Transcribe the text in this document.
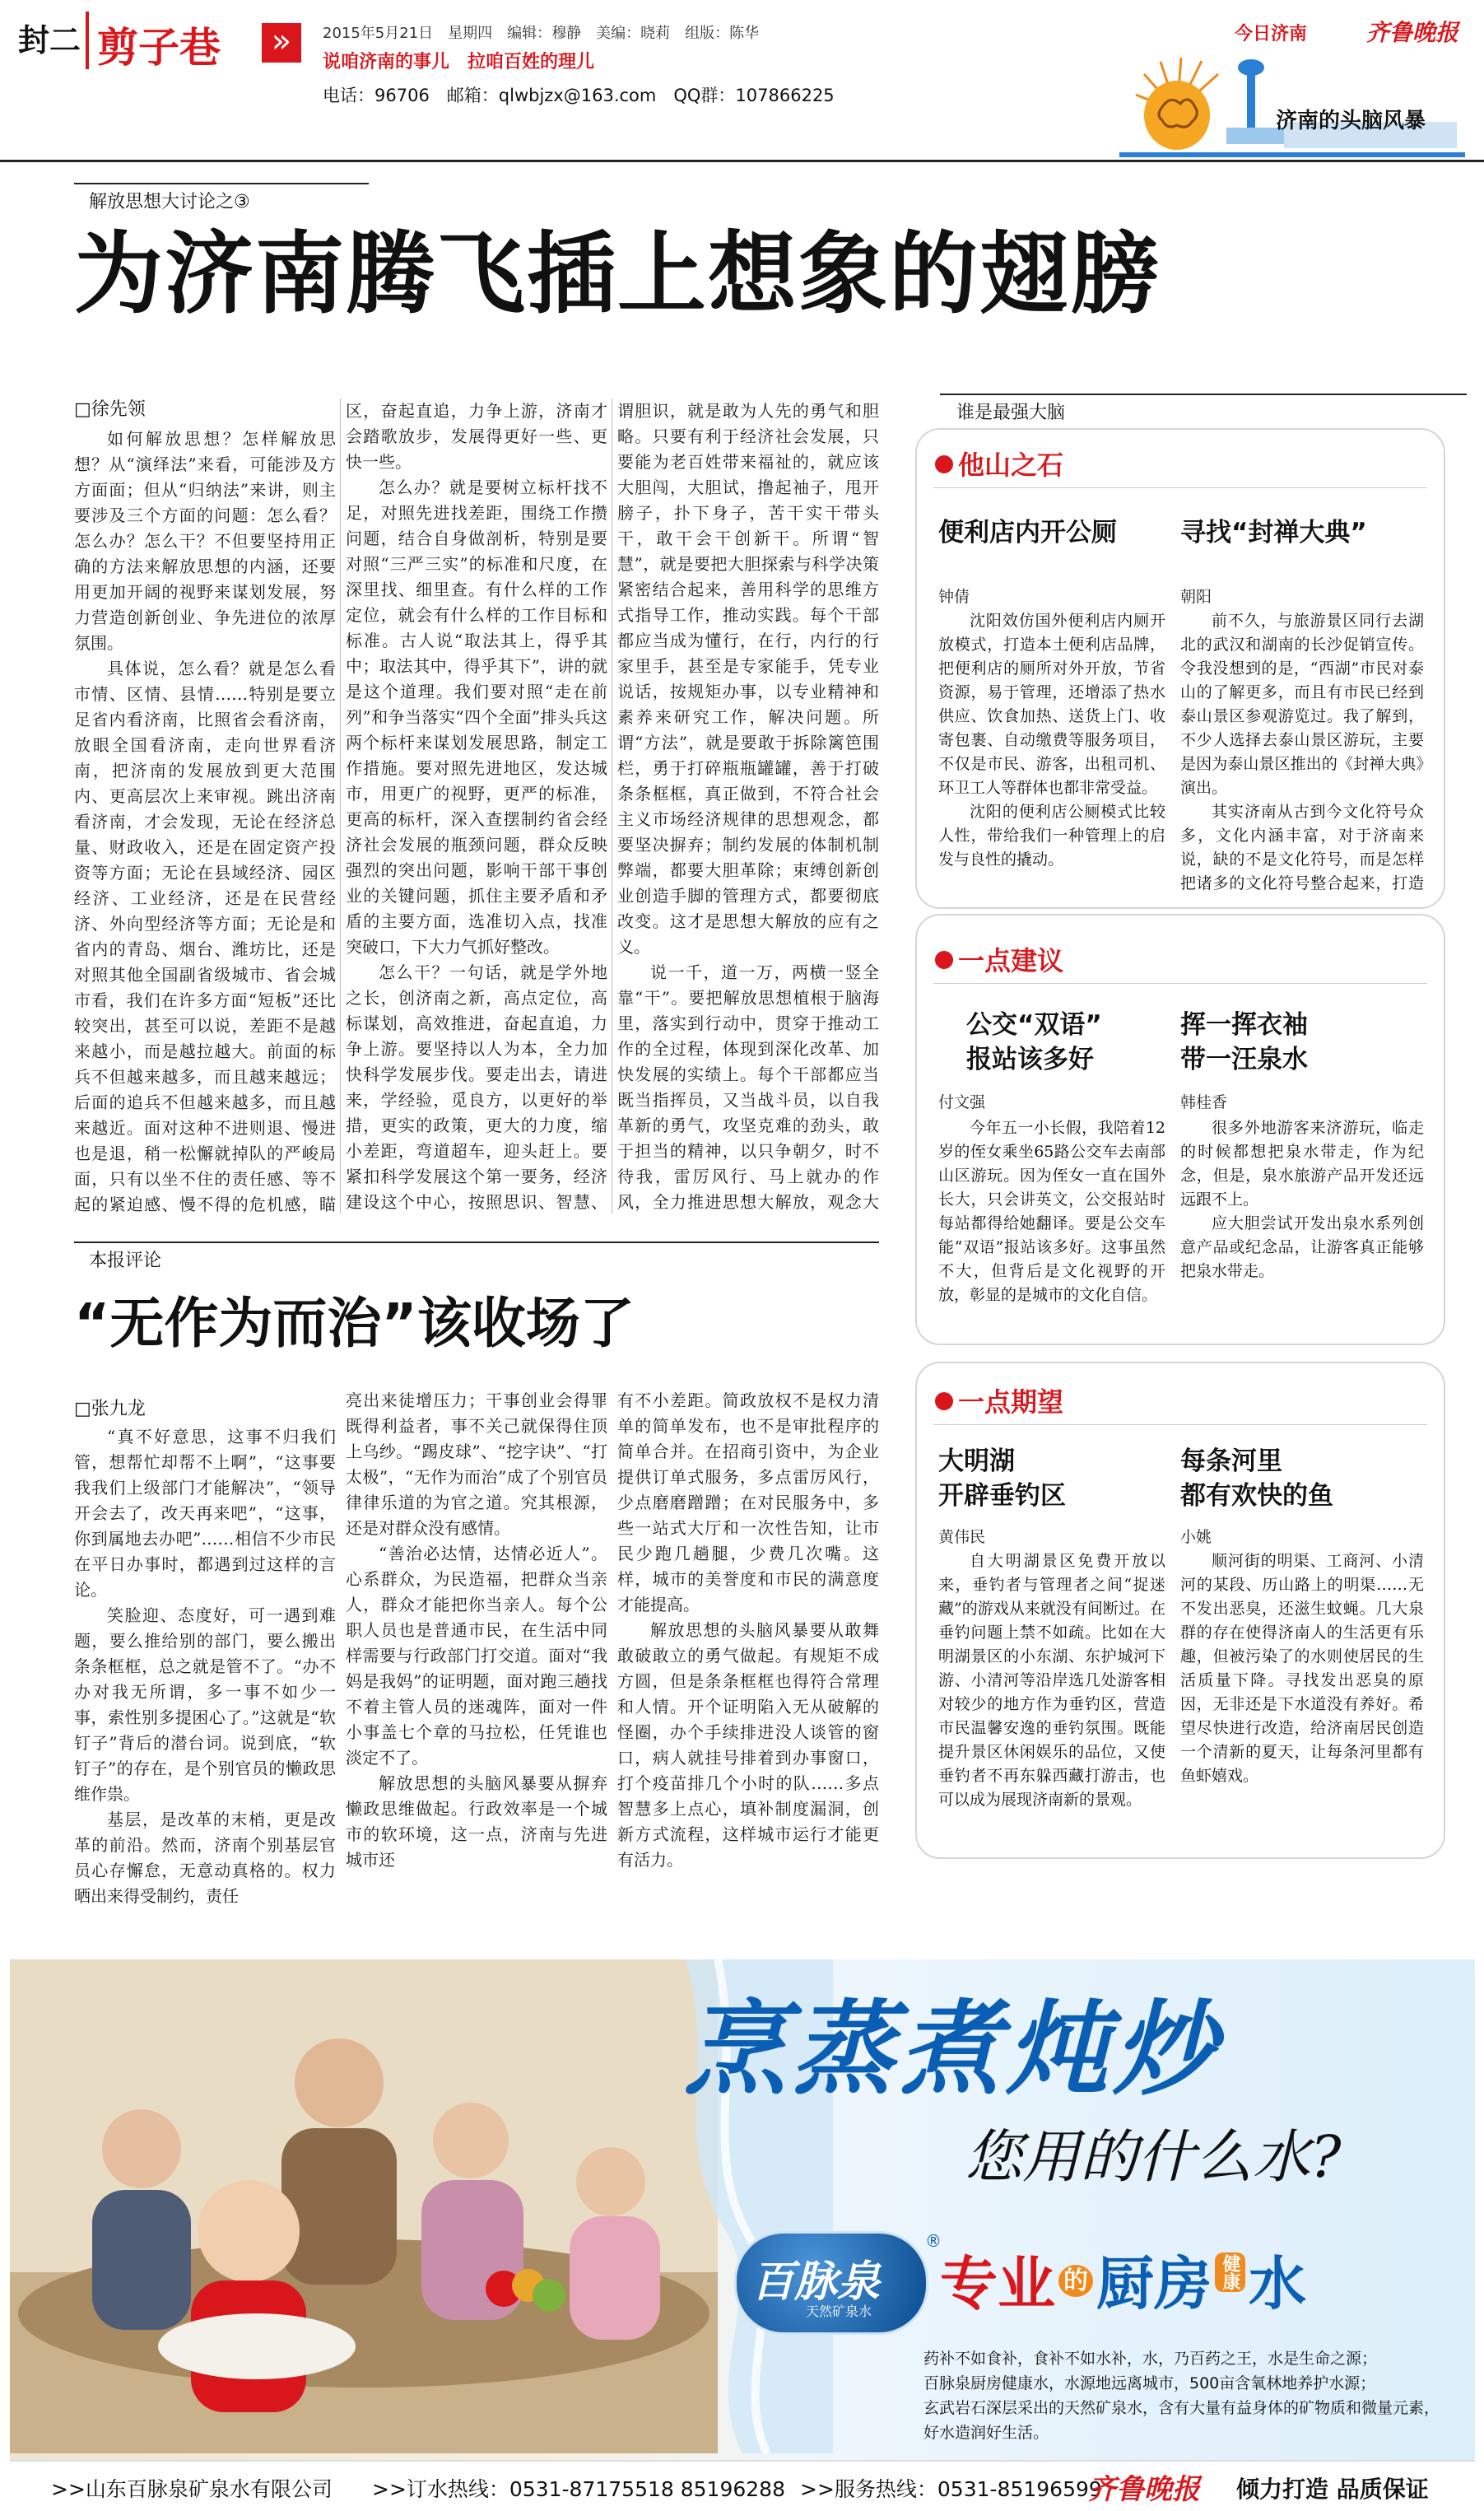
封二 剪子巷 »	2015年5月21日　星期四　编辑：穆静　美编：晓莉　组版：陈华
说咱济南的事儿　拉咱百姓的理儿
电话：96706　邮箱：qlwbjzx@163.com　QQ群：107866225
今日济南	齐鲁晚报
济南的头脑风暴
解放思想大讨论之③
为济南腾飞插上想象的翅膀
□徐先领

如何解放思想？怎样解放思想？从“演绎法”来看，可能涉及方方面面；但从“归纳法”来讲，则主要涉及三个方面的问题：怎么看？怎么办？怎么干？不但要坚持用正确的方法来解放思想的内涵，还要用更加开阔的视野来谋划发展，努力营造创新创业、争先进位的浓厚氛围。

具体说，怎么看？就是怎么看市情、区情、县情……特别是要立足省内看济南，比照省会看济南，放眼全国看济南，走向世界看济南，把济南的发展放到更大范围内、更高层次上来审视。跳出济南看济南，才会发现，无论在经济总量、财政收入，还是在固定资产投资等方面；无论在县域经济、园区经济、工业经济，还是在民营经济、外向型经济等方面；无论是和省内的青岛、烟台、潍坊比，还是对照其他全国副省级城市、省会城市看，我们在许多方面“短板”还比较突出，甚至可以说，差距不是越来越小，而是越拉越大。前面的标兵不但越来越多，而且越来越远；后面的追兵不但越来越多，而且越来越近。面对这种不进则退、慢进也是退，稍一松懈就掉队的严峻局面，只有以坐不住的责任感、等不起的紧迫感、慢不得的危机感，瞄

区，奋起直追，力争上游，济南才会踏歌放步，发展得更好一些、更快一些。

怎么办？就是要树立标杆找不足，对照先进找差距，围绕工作攒问题，结合自身做剖析，特别是要对照“三严三实”的标准和尺度，在深里找、细里查。有什么样的工作定位，就会有什么样的工作目标和标准。古人说“取法其上，得乎其中；取法其中，得乎其下”，讲的就是这个道理。我们要对照“走在前列”和争当落实“四个全面”排头兵这两个标杆来谋划发展思路，制定工作措施。要对照先进地区，发达城市，用更广的视野，更严的标准，更高的标杆，深入查摆制约省会经济社会发展的瓶颈问题，群众反映强烈的突出问题，影响干部干事创业的关键问题，抓住主要矛盾和矛盾的主要方面，选准切入点，找准突破口，下大力气抓好整改。

怎么干？一句话，就是学外地之长，创济南之新，高点定位，高标谋划，高效推进，奋起直追，力争上游。要坚持以人为本，全力加快科学发展步伐。要走出去，请进来，学经验，觅良方，以更好的举措，更实的政策，更大的力度，缩小差距，弯道超车，迎头赶上。要紧扣科学发展这个第一要务，经济建设这个中心，按照思识、智慧、

谓胆识，就是敢为人先的勇气和胆略。只要有利于经济社会发展，只要能为老百姓带来福祉的，就应该大胆闯，大胆试，撸起袖子，甩开膀子，扑下身子，苦干实干带头干，敢干会干创新干。所谓“智慧”，就是要把大胆探索与科学决策紧密结合起来，善用科学的思维方式指导工作，推动实践。每个干部都应当成为懂行，在行，内行的行家里手，甚至是专家能手，凭专业说话，按规矩办事，以专业精神和素养来研究工作，解决问题。所谓“方法”，就是要敢于拆除篱笆围栏，勇于打碎瓶瓶罐罐，善于打破条条框框，真正做到，不符合社会主义市场经济规律的思想观念，都要坚决摒弃；制约发展的体制机制弊端，都要大胆革除；束缚创新创业创造手脚的管理方式，都要彻底改变。这才是思想大解放的应有之义。

说一千，道一万，两横一竖全靠“干”。要把解放思想植根于脑海里，落实到行动中，贯穿于推动工作的全过程，体现到深化改革、加快发展的实绩上。每个干部都应当既当指挥员，又当战斗员，以自我革新的勇气，攻坚克难的劲头，敢于担当的精神，以只争朝夕，时不待我，雷厉风行、马上就办的作风，全力推进思想大解放，观念大

本报评论
“无作为而治”该收场了
□张九龙

“真不好意思，这事不归我们管，想帮忙却帮不上啊”，“这事要我我们上级部门才能解决”，“领导开会去了，改天再来吧”，“这事，你到属地去办吧”……相信不少市民在平日办事时，都遇到过这样的言论。

笑脸迎、态度好，可一遇到难题，要么推给别的部门，要么搬出条条框框，总之就是管不了。“办不办对我无所谓，多一事不如少一事，索性别多提困心了。”这就是“软钉子”背后的潜台词。说到底，“软钉子”的存在，是个别官员的懒政思维作祟。

基层，是改革的末梢，更是改革的前沿。然而，济南个别基层官员心存懈怠，无意动真格的。权力晒出来得受制约，责任

亮出来徒增压力；干事创业会得罪既得利益者，事不关己就保得住顶上乌纱。“踢皮球”、“挖字诀”、“打太极”，“无作为而治”成了个别官员律律乐道的为官之道。究其根源，还是对群众没有感情。

“善治必达情，达情必近人”。心系群众，为民造福，把群众当亲人，群众才能把你当亲人。每个公职人员也是普通市民，在生活中同样需要与行政部门打交道。面对“我妈是我妈”的证明题，面对跑三趟找不着主管人员的迷魂阵，面对一件小事盖七个章的马拉松，任凭谁也淡定不了。

解放思想的头脑风暴要从摒弃懒政思维做起。行政效率是一个城市的软环境，这一点，济南与先进城市还

有不小差距。简政放权不是权力清单的简单发布，也不是审批程序的简单合并。在招商引资中，为企业提供订单式服务，多点雷厉风行，少点磨磨蹭蹭；在对民服务中，多些一站式大厅和一次性告知，让市民少跑几趟腿，少费几次嘴。这样，城市的美誉度和市民的满意度才能提高。

解放思想的头脑风暴要从敢舞敢破敢立的勇气做起。有规矩不成方圆，但是条条框框也得符合常理和人情。开个证明陷入无从破解的怪圈，办个手续排进没人谈管的窗口，病人就挂号排着到办事窗口，打个疫苗排几个小时的队……多点智慧多上点心，填补制度漏洞，创新方式流程，这样城市运行才能更有活力。

谁是最强大脑
他山之石
便利店内开公厕
钟倩

沈阳效仿国外便利店内厕开放模式，打造本土便利店品牌，把便利店的厕所对外开放，节省资源，易于管理，还增添了热水供应、饮食加热、送货上门、收寄包裹、自动缴费等服务项目，不仅是市民、游客，出租司机、环卫工人等群体也都非常受益。

沈阳的便利店公厕模式比较人性，带给我们一种管理上的启发与良性的撬动。

寻找“封禅大典”
朝阳

前不久，与旅游景区同行去湖北的武汉和湖南的长沙促销宣传。令我没想到的是，“西湖”市民对泰山的了解更多，而且有市民已经到泰山景区参观游览过。我了解到，不少人选择去泰山景区游玩，主要是因为泰山景区推出的《封禅大典》演出。

其实济南从古到今文化符号众多，文化内涵丰富，对于济南来说，缺的不是文化符号，而是怎样把诸多的文化符号整合起来，打造

一点建议
公交“双语”
报站该多好
付文强

今年五一小长假，我陪着12岁的侄女乘坐65路公交车去南部山区游玩。因为侄女一直在国外长大，只会讲英文，公交报站时每站都得给她翻译。要是公交车能“双语”报站该多好。这事虽然不大，但背后是文化视野的开放，彰显的是城市的文化自信。

挥一挥衣袖
带一汪泉水
韩桂香

很多外地游客来济游玩，临走的时候都想把泉水带走，作为纪念，但是，泉水旅游产品开发还远远跟不上。

应大胆尝试开发出泉水系列创意产品或纪念品，让游客真正能够把泉水带走。

一点期望
大明湖
开辟垂钓区
黄伟民

自大明湖景区免费开放以来，垂钓者与管理者之间“捉迷藏”的游戏从来就没有间断过。在垂钓问题上禁不如疏。比如在大明湖景区的小东湖、东护城河下游、小清河等沿岸选几处游客相对较少的地方作为垂钓区，营造市民温馨安逸的垂钓氛围。既能提升景区休闲娱乐的品位，又使垂钓者不再东躲西藏打游击，也可以成为展现济南新的景观。

每条河里
都有欢快的鱼
小姚

顺河街的明渠、工商河、小清河的某段、历山路上的明渠……无不发出恶臭，还滋生蚊蝇。几大泉群的存在使得济南人的生活更有乐趣，但被污染了的水则使居民的生活质量下降。寻找发出恶臭的原因，无非还是下水道没有养好。希望尽快进行改造，给济南居民创造一个清新的夏天，让每条河里都有鱼虾嬉戏。

烹蒸煮炖炒
您用的什么水?
百脉泉
天然矿泉水
®
专业 的 厨房 健康 水
药补不如食补，食补不如水补，水，乃百药之王，水是生命之源；
百脉泉厨房健康水，水源地远离城市，500亩含氧林地养护水源；
玄武岩石深层采出的天然矿泉水，含有大量有益身体的矿物质和微量元素，
好水造润好生活。
>>山东百脉泉矿泉水有限公司 >>订水热线：0531-87175518 85196288 >>服务热线：0531-85196599
齐鲁晚报 倾力打造 品质保证
